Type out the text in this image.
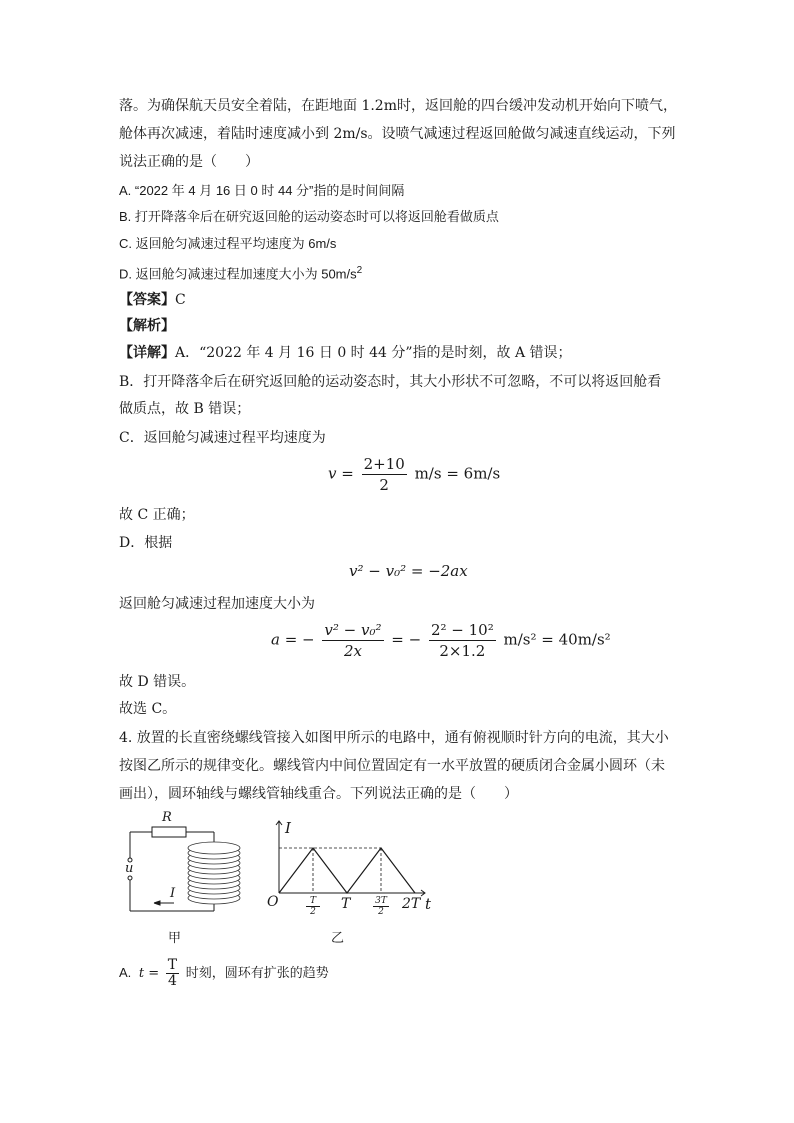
落。为确保航天员安全着陆，在距地面 1.2m时，返回舱的四台缓冲发动机开始向下喷气，
舱体再次减速，着陆时速度减小到 2m/s。设喷气减速过程返回舱做匀减速直线运动，下列
说法正确的是（　　）
A. “2022 年 4 月 16 日 0 时 44 分”指的是时间间隔
B. 打开降落伞后在研究返回舱的运动姿态时可以将返回舱看做质点
C. 返回舱匀减速过程平均速度为 6m/s
D. 返回舱匀减速过程加速度大小为 $50m/s^2$
【答案】C
【解析】
【详解】A．“2022 年 4 月 16 日 0 时 44 分”指的是时刻，故 A 错误；
B．打开降落伞后在研究返回舱的运动姿态时，其大小形状不可忽略，不可以将返回舱看
做质点，故 B 错误；
C．返回舱匀减速过程平均速度为
$v = \frac{2+10}{2} m/s = 6m/s$
故 C 正确；
D．根据
v² − v₀² = −2ax
返回舱匀减速过程加速度大小为
a = − $\frac{\text{v² − v₀²}}{2x}$ = − $\frac{\text{2² − 10²}}{2\times 1.2} m/s^2 = 40m/s^2$
故 D 错误。
故选 C。
4. 放置的长直密绕螺线管接入如图甲所示的电路中，通有俯视顺时针方向的电流，其大小
按图乙所示的规律变化。螺线管内中间位置固定有一水平放置的硬质闭合金属小圆环（未
画出），圆环轴线与螺线管轴线重合。下列说法正确的是（　　）
R
u
I
甲
I
t
O	$\frac{T}{2}$ T	$\frac{3T}{2} 2T$
乙
A. $t = \frac{T}{4}$ 时刻，圆环有扩张的趋势
